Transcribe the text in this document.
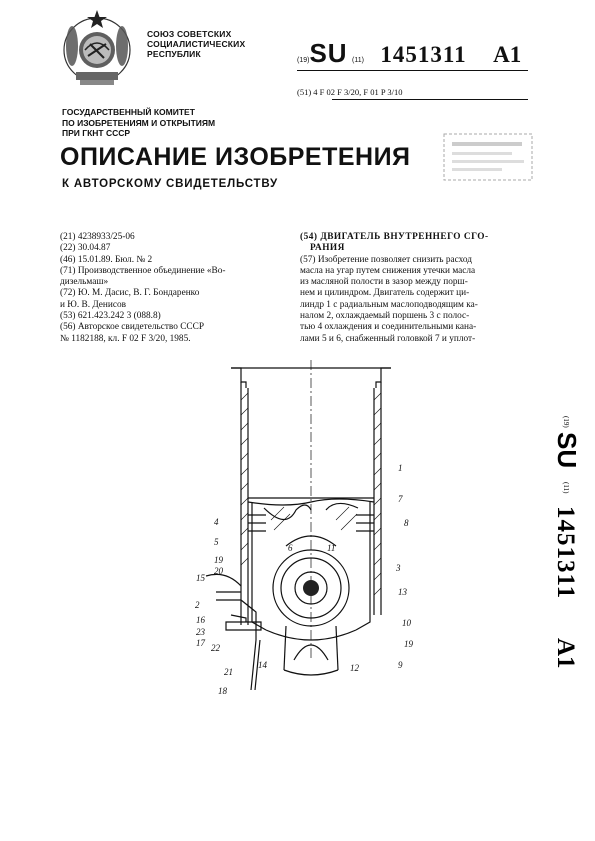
СОЮЗ СОВЕТСКИХ
СОЦИАЛИСТИЧЕСКИХ
РЕСПУБЛИК
(19)SU (11) 1451311 A1
(51) 4 F 02 F 3/20, F 01 P 3/10
ГОСУДАРСТВЕННЫЙ КОМИТЕТ
ПО ИЗОБРЕТЕНИЯМ И ОТКРЫТИЯМ
ПРИ ГКНТ СССР
ОПИСАНИЕ ИЗОБРЕТЕНИЯ
К АВТОРСКОМУ СВИДЕТЕЛЬСТВУ
(21) 4238933/25-06
(22) 30.04.87
(46) 15.01.89. Бюл. № 2
(71) Производственное объединение «Во-
дизельмаш»
(72) Ю. М. Дасис, В. Г. Бондаренко
и Ю. В. Денисов
(53) 621.423.242 3 (088.8)
(56) Авторское свидетельство СССР
№ 1182188, кл. F 02 F 3/20, 1985.
(54) ДВИГАТЕЛЬ ВНУТРЕННЕГО СГО-
РАНИЯ
(57) Изобретение позволяет снизить расход
масла на угар путем снижения утечки масла
из масляной полости в зазор между порш-
нем и цилиндром. Двигатель содержит ци-
линдр 1 с радиальным маслоподводящим ка-
налом 2, охлаждаемый поршень 3 с полос-
тью 4 охлаждения и соединительными кана-
лами 5 и 6, снабженный головкой 7 и уплот-
(19)
SU
(11)
1451311
A1
1
7
4	8
5
6	11
19
20	3
15
13
2
16	10
23
17	19
22
21
14	12	9
18
